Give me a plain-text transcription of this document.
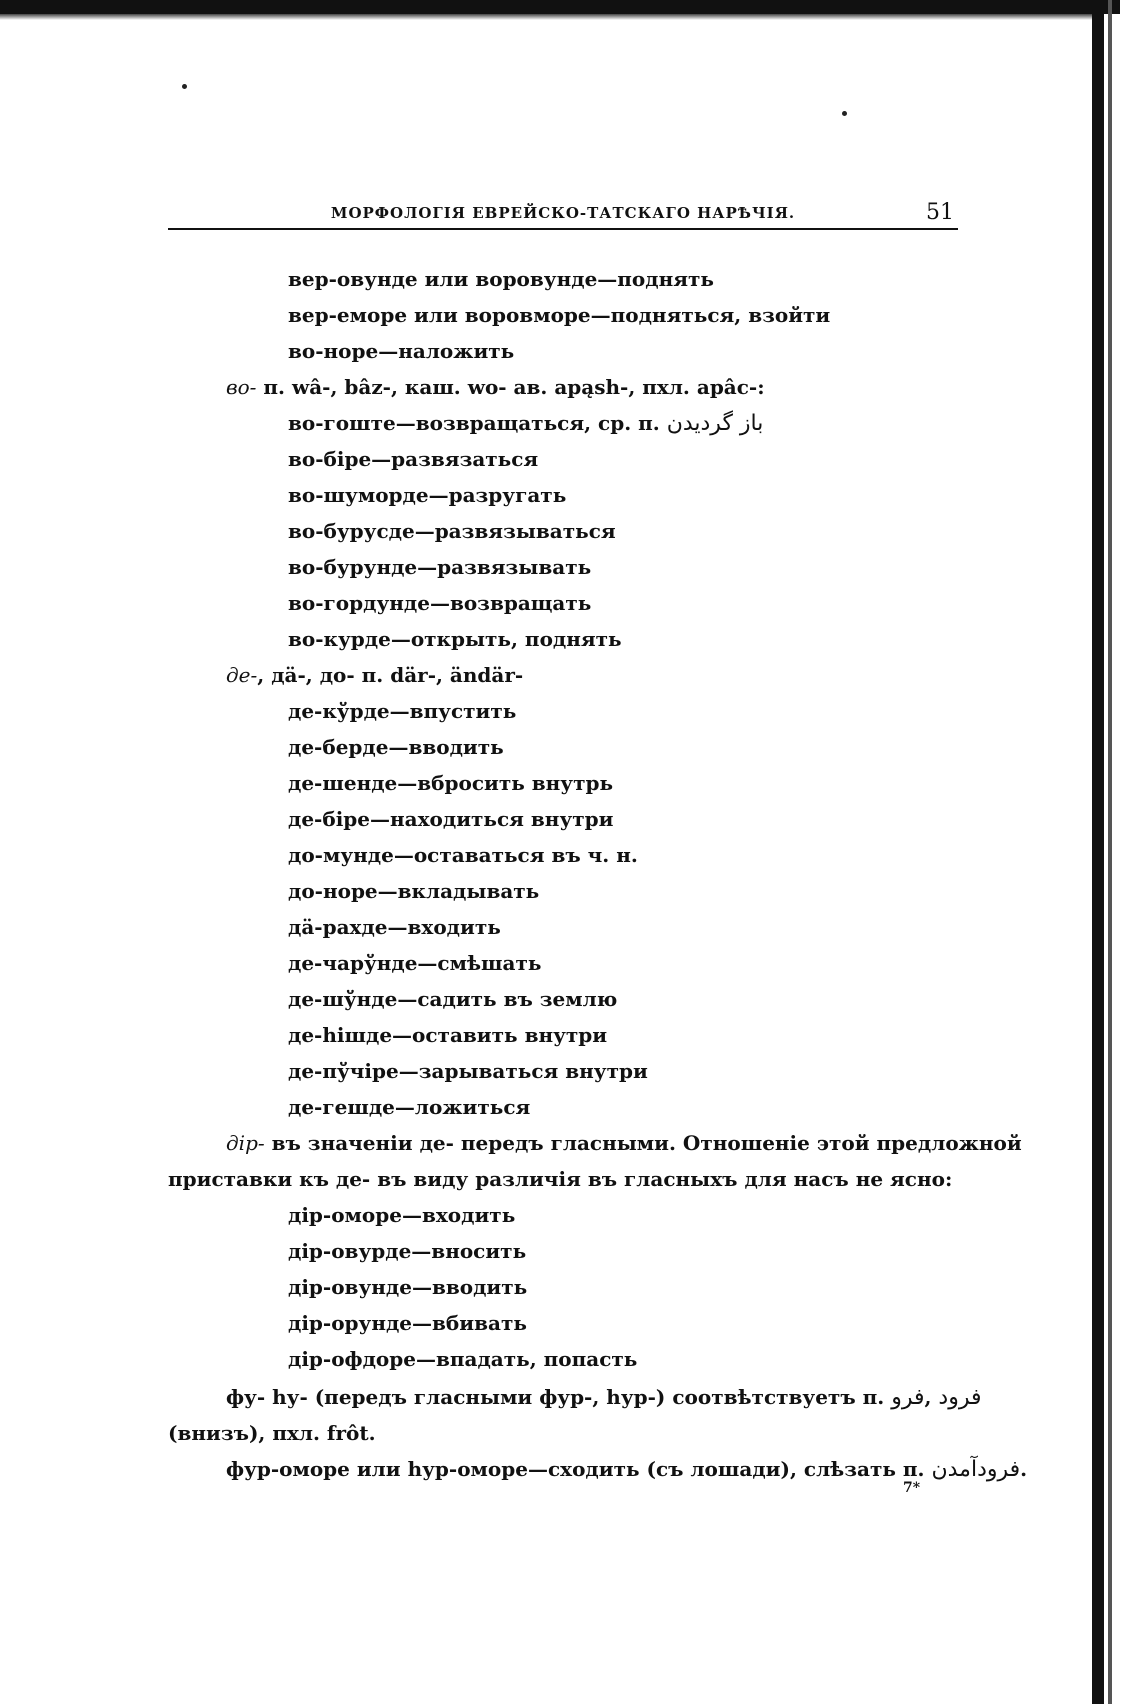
МОРФОЛОГІЯ ЕВРЕЙСКО-ТАТСКАГО НАРѢЧІЯ.	51
вер-овунде или воровунде—поднять
вер-еморе или воровморе—подняться, взойти
во-норе—наложить
во- п. wâ-, bâz-, каш. wo- ав. apąsh-, пхл. apâc-:
во-гоште—возвращаться, ср. п. باز گردیدن
во-біре—развязаться
во-шуморде—разругать
во-бурусде—развязываться
во-бурунде—развязывать
во-гордунде—возвращать
во-курде—открыть, поднять
де-, дä-, до- п. där-, ändär-
де-кўрде—впустить
де-берде—вводить
де-шенде—вбросить внутрь
де-біре—находиться внутри
до-мунде—оставаться въ ч. н.
до-норе—вкладывать
дä-рахде—входить
де-чарўнде—смѣшать
де-шўнде—садить въ землю
де-hішде—оставить внутри
де-пўчіре—зарываться внутри
де-гешде—ложиться
дір- въ значеніи де- передъ гласными. Отношеніе этой предложной
приставки къ де- въ виду различія въ гласныхъ для насъ не ясно:
дір-оморе—входить
дір-овурде—вносить
дір-овунде—вводить
дір-орунде—вбивать
дір-офдоре—впадать, попасть
фу- hу- (передъ гласными фур-, hур-) соотвѣтствуетъ п. فرو, فرود
(внизъ), пхл. frôt.
фур-оморе или hур-оморе—сходить (съ лошади), слѣзать п. فرودآمدن.
7*
